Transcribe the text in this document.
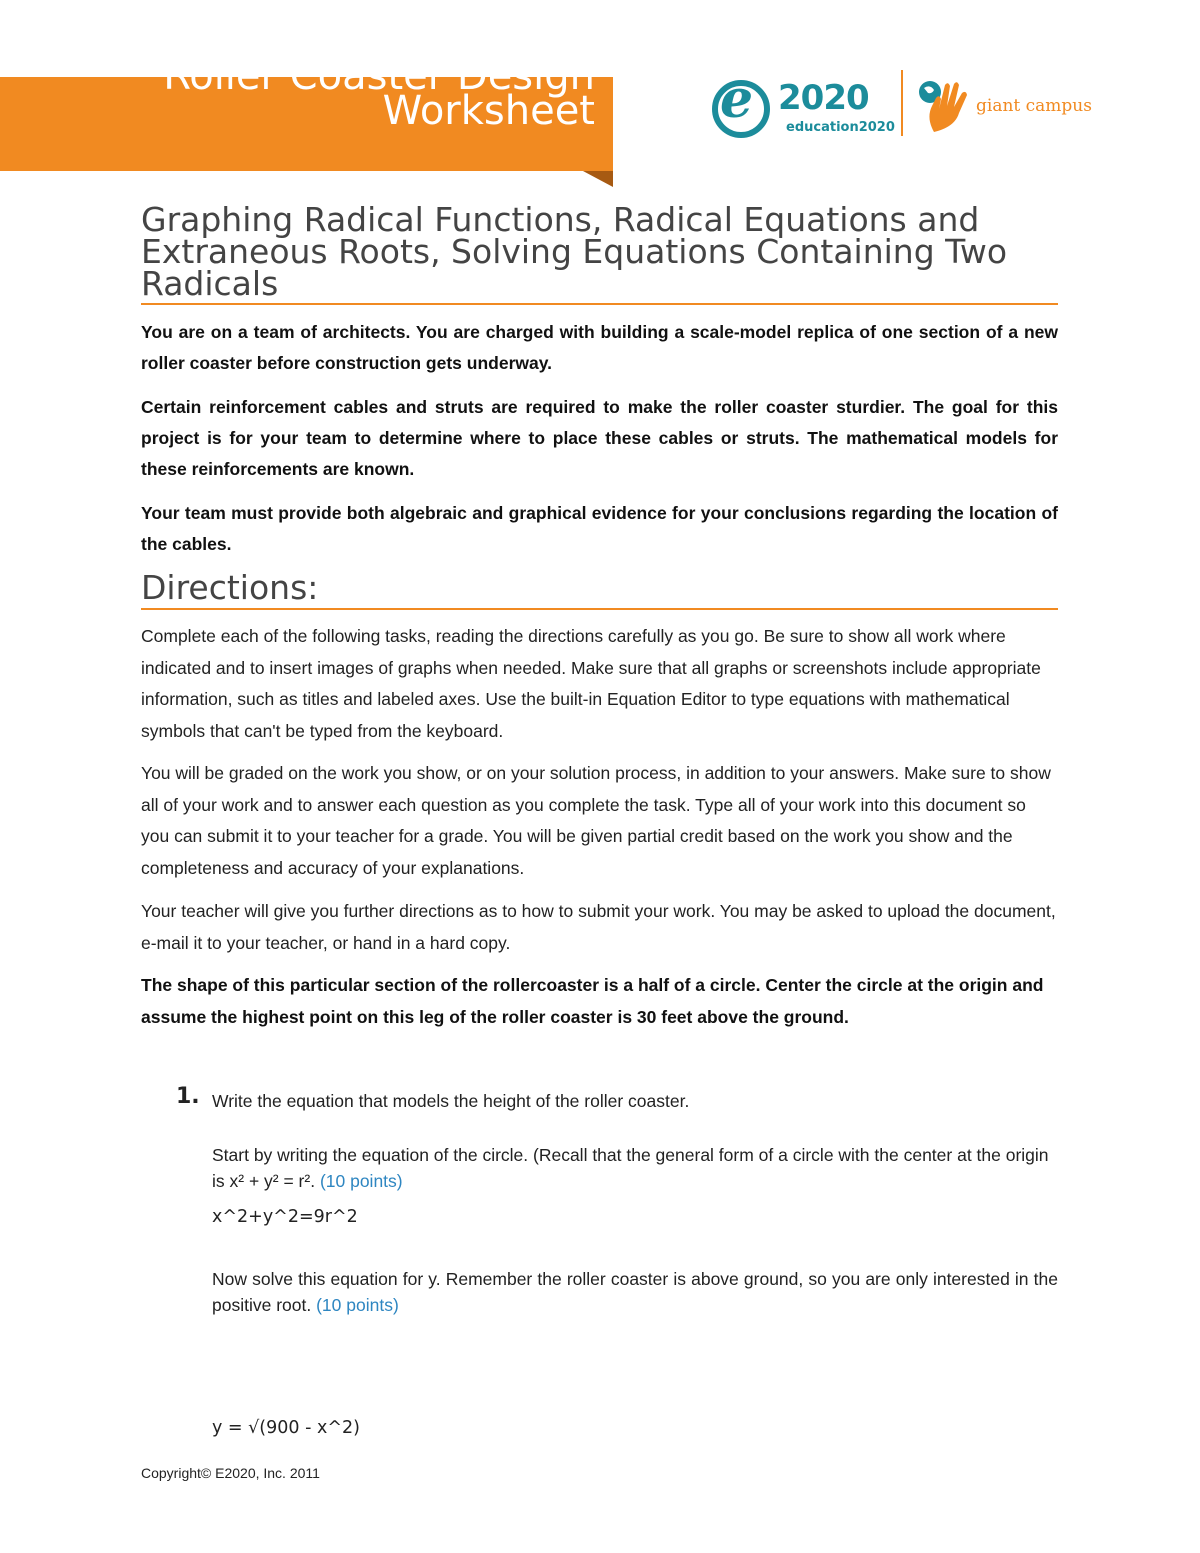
Roller Coaster Design
Worksheet e 2020
education2020
giant campus
Graphing Radical Functions, Radical Equations and Extraneous Roots, Solving Equations Containing Two Radicals
You are on a team of architects. You are charged with building a scale-model replica of one section of a new roller coaster before construction gets underway.
Certain reinforcement cables and struts are required to make the roller coaster sturdier. The goal for this project is for your team to determine where to place these cables or struts. The mathematical models for these reinforcements are known.
Your team must provide both algebraic and graphical evidence for your conclusions regarding the location of the cables.
Directions:
Complete each of the following tasks, reading the directions carefully as you go. Be sure to show all work where indicated and to insert images of graphs when needed. Make sure that all graphs or screenshots include appropriate information, such as titles and labeled axes. Use the built-in Equation Editor to type equations with mathematical symbols that can't be typed from the keyboard.
You will be graded on the work you show, or on your solution process, in addition to your answers. Make sure to show all of your work and to answer each question as you complete the task. Type all of your work into this document so you can submit it to your teacher for a grade. You will be given partial credit based on the work you show and the completeness and accuracy of your explanations.
Your teacher will give you further directions as to how to submit your work. You may be asked to upload the document, e-mail it to your teacher, or hand in a hard copy.
The shape of this particular section of the rollercoaster is a half of a circle. Center the circle at the origin and assume the highest point on this leg of the roller coaster is 30 feet above the ground.
1. Write the equation that models the height of the roller coaster.
Start by writing the equation of the circle. (Recall that the general form of a circle with the center at the origin is x² + y² = r². (10 points)
x^2+y^2=9r^2
Now solve this equation for y. Remember the roller coaster is above ground, so you are only interested in the positive root. (10 points)
y = √(900 - x^2)
Copyright© E2020, Inc. 2011
